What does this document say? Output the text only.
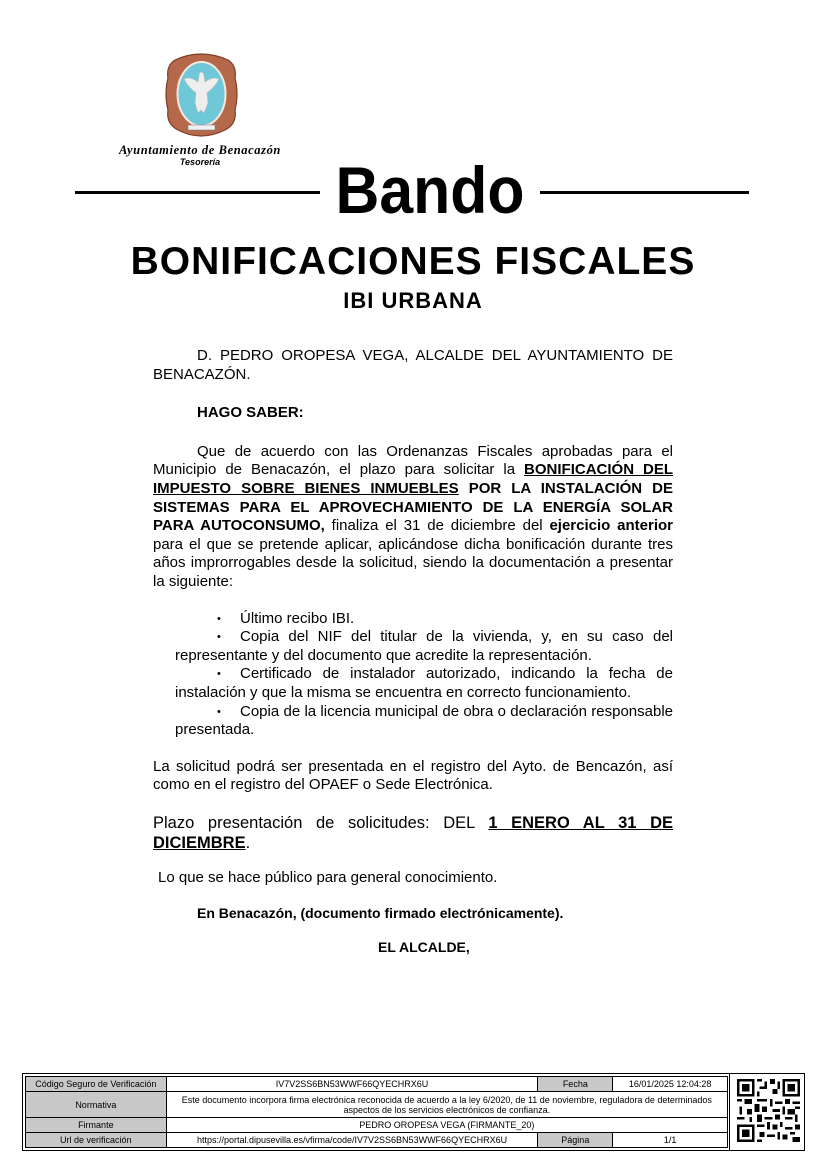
Ayuntamiento de Benacazón
Tesorería	Bando
BONIFICACIONES FISCALES
IBI URBANA

D. PEDRO OROPESA VEGA, ALCALDE DEL AYUNTAMIENTO DE BENACAZÓN.

HAGO SABER:

Que de acuerdo con las Ordenanzas Fiscales aprobadas para el Municipio de Benacazón, el plazo para solicitar la BONIFICACIÓN DEL IMPUESTO SOBRE BIENES INMUEBLES POR LA INSTALACIÓN DE SISTEMAS PARA EL APROVECHAMIENTO DE LA ENERGÍA SOLAR PARA AUTOCONSUMO, finaliza el 31 de diciembre del ejercicio anterior para el que se pretende aplicar, aplicándose dicha bonificación durante tres años improrrogables desde la solicitud, siendo la documentación a presentar la siguiente:

• Último recibo IBI.
• Copia del NIF del titular de la vivienda, y, en su caso del representante y del documento que acredite la representación.
• Certificado de instalador autorizado, indicando la fecha de instalación y que la misma se encuentra en correcto funcionamiento.
• Copia de la licencia municipal de obra o declaración responsable presentada.

La solicitud podrá ser presentada en el registro del Ayto. de Bencazón, así como en el registro del OPAEF o Sede Electrónica.

Plazo presentación de solicitudes: DEL 1 ENERO AL 31 DE DICIEMBRE.

Lo que se hace público para general conocimiento.
En Benacazón, (documento firmado electrónicamente).
EL ALCALDE,
Código Seguro de Verificación	IV7V2SS6BN53WWF66QYECHRX6U	Fecha	16/01/2025 12:04:28
Normativa	Este documento incorpora firma electrónica reconocida de acuerdo a la ley 6/2020, de 11 de noviembre, reguladora de determinados aspectos de los servicios electrónicos de confianza.		
Firmante	PEDRO OROPESA VEGA (FIRMANTE_20)		
Url de verificación	https://portal.dipusevilla.es/vfirma/code/IV7V2SS6BN53WWF66QYECHRX6U	Página	1/1
